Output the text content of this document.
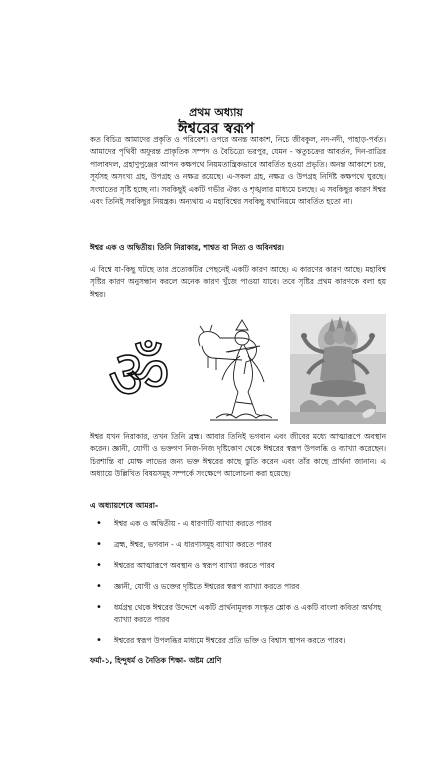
প্রথম অধ্যায়
ঈশ্বরের স্বরূপ

কত বিচিত্র আমাদের প্রকৃতি ও পরিবেশ। ওপরে অনন্ত আকাশ, নিচে জীবকুল, নদ-নদী, পাহাড়-পর্বত। আমাদের পৃথিবী অফুরন্ত প্রাকৃতিক সম্পদ ও বৈচিত্র্যে ভরপুর, যেমন - ঋতুচক্রের আবর্তন, দিন-রাত্রির পালাবদল, গ্রহাণুপুঞ্জের আপন কক্ষপথে নিয়মতান্ত্রিকভাবে আবর্তিত হওয়া প্রভৃতি। অনন্ত আকাশে চন্দ্র, সূর্যসহ অসংখ্য গ্রহ, উপগ্রহ ও নক্ষত্র রয়েছে। এ-সকল গ্রহ, নক্ষত্র ও উপগ্রহ নির্দিষ্ট কক্ষপথে ঘুরছে। সংঘাতের সৃষ্টি হচ্ছে না। সবকিছুই একটি গভীর ঐক্য ও শৃঙ্খলার মাধ্যমে চলছে। এ সবকিছুর কারণ ঈশ্বর এবং তিনিই সবকিছুর নিয়ন্ত্রক। অন্যথায় এ মহাবিশ্বের সবকিছু যথানিয়মে আবর্তিত হতো না।

ঈশ্বর এক ও অদ্বিতীয়। তিনি নিরাকার, শাশ্বত বা নিত্য ও অবিনশ্বর।

এ বিশ্বে যা-কিছু ঘটছে তার প্রত্যেকটির পেছনেই একটি কারণ আছে। এ কারণের কারণ আছে। মহাবিশ্ব সৃষ্টির কারণ অনুসন্ধান করলে অনেক কারণ খুঁজে পাওয়া যাবে। তবে সৃষ্টির প্রথম কারণকে বলা হয় ঈশ্বর।

ॐ

ঈশ্বর যখন নিরাকার, তখন তিনি ব্রহ্ম। আবার তিনিই ভগবান এবং জীবের মধ্যে আত্মারূপে অবস্থান করেন। জ্ঞানী, যোগী ও ভক্তগণ নিজ-নিজ দৃষ্টিকোণ থেকে ঈশ্বরের স্বরূপ উপলব্ধি ও ব্যাখ্যা করেছেন। চিরশান্তি বা মোক্ষ লাভের জন্য ভক্ত ঈশ্বরের কাছে স্তুতি করেন এবং তাঁর কাছে প্রার্থনা জানান। এ অধ্যায়ে উল্লিখিত বিষয়সমূহ সম্পর্কে সংক্ষেপে আলোচনা করা হয়েছে।

এ অধ্যায়শেষে আমরা-

• ঈশ্বর এক ও অদ্বিতীয় - এ ধারণাটি ব্যাখ্যা করতে পারব
• ব্রহ্ম, ঈশ্বর, ভগবান - এ ধারণাসমূহ ব্যাখ্যা করতে পারব
• ঈশ্বরের আত্মারূপে অবস্থান ও স্বরূপ ব্যাখ্যা করতে পারব
• জ্ঞানী, যোগী ও ভক্তের দৃষ্টিতে ঈশ্বরের স্বরূপ ব্যাখ্যা করতে পারব
• ধর্মগ্রন্থ থেকে ঈশ্বরের উদ্দেশে একটি প্রার্থনামূলক সংস্কৃত শ্লোক ও একটি বাংলা কবিতা অর্থসহ ব্যাখ্যা করতে পারব
• ঈশ্বরের স্বরূপ উপলব্ধির মাধ্যমে ঈশ্বরের প্রতি ভক্তি ও বিশ্বাস স্থাপন করতে পারব।
ফর্মা-১, হিন্দুধর্ম ও নৈতিক শিক্ষা- অষ্টম শ্রেণি
